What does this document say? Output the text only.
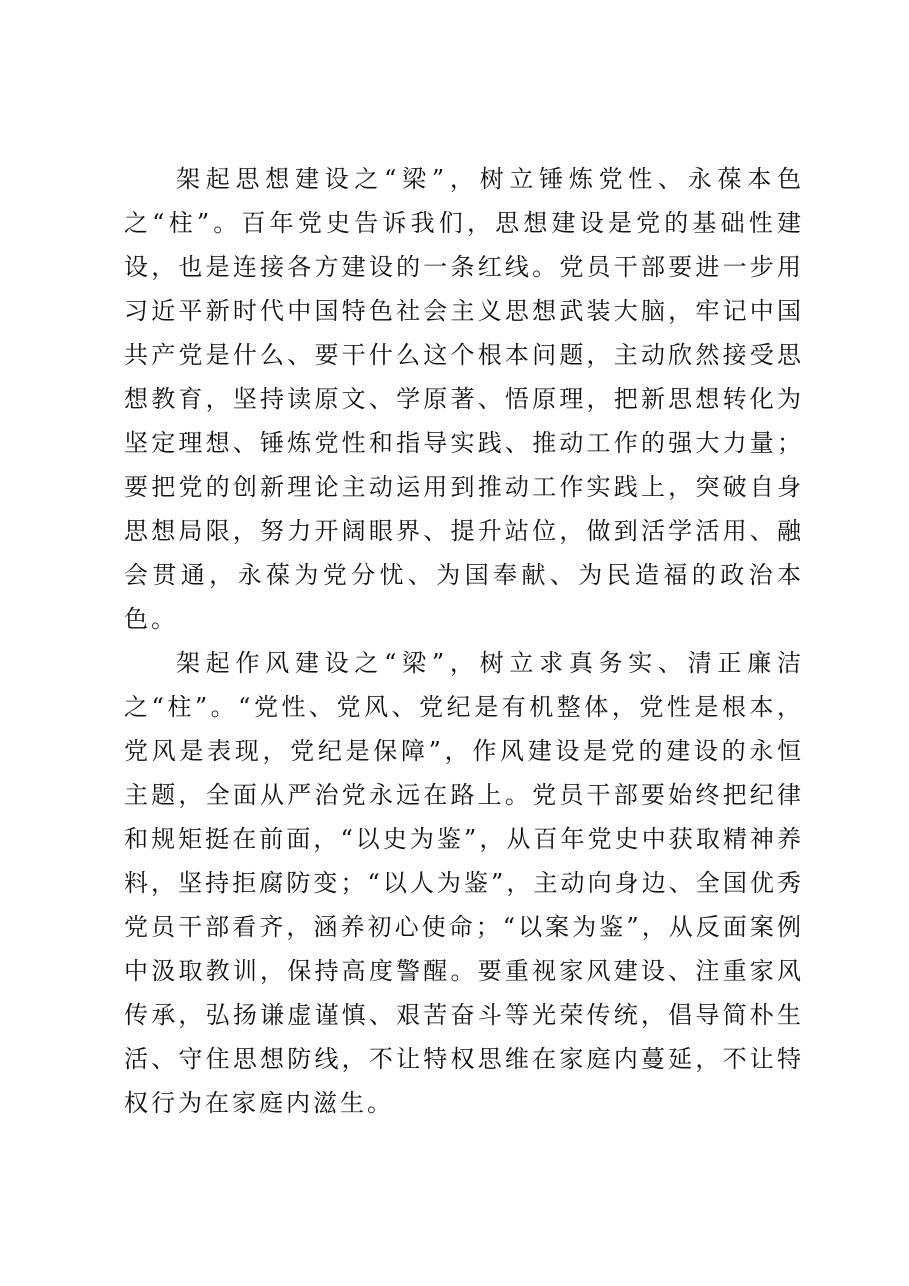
架起思想建设之“梁”，树立锤炼党性、永葆本色之“柱”。百年党史告诉我们，思想建设是党的基础性建设，也是连接各方建设的一条红线。党员干部要进一步用习近平新时代中国特色社会主义思想武装大脑，牢记中国共产党是什么、要干什么这个根本问题，主动欣然接受思想教育，坚持读原文、学原著、悟原理，把新思想转化为坚定理想、锤炼党性和指导实践、推动工作的强大力量；要把党的创新理论主动运用到推动工作实践上，突破自身思想局限，努力开阔眼界、提升站位，做到活学活用、融会贯通，永葆为党分忧、为国奉献、为民造福的政治本色。

架起作风建设之“梁”，树立求真务实、清正廉洁之“柱”。“党性、党风、党纪是有机整体，党性是根本，党风是表现，党纪是保障”，作风建设是党的建设的永恒主题，全面从严治党永远在路上。党员干部要始终把纪律和规矩挺在前面，“以史为鉴”，从百年党史中获取精神养料，坚持拒腐防变；“以人为鉴”，主动向身边、全国优秀党员干部看齐，涵养初心使命；“以案为鉴”，从反面案例中汲取教训，保持高度警醒。要重视家风建设、注重家风传承，弘扬谦虚谨慎、艰苦奋斗等光荣传统，倡导简朴生活、守住思想防线，不让特权思维在家庭内蔓延，不让特权行为在家庭内滋生。
